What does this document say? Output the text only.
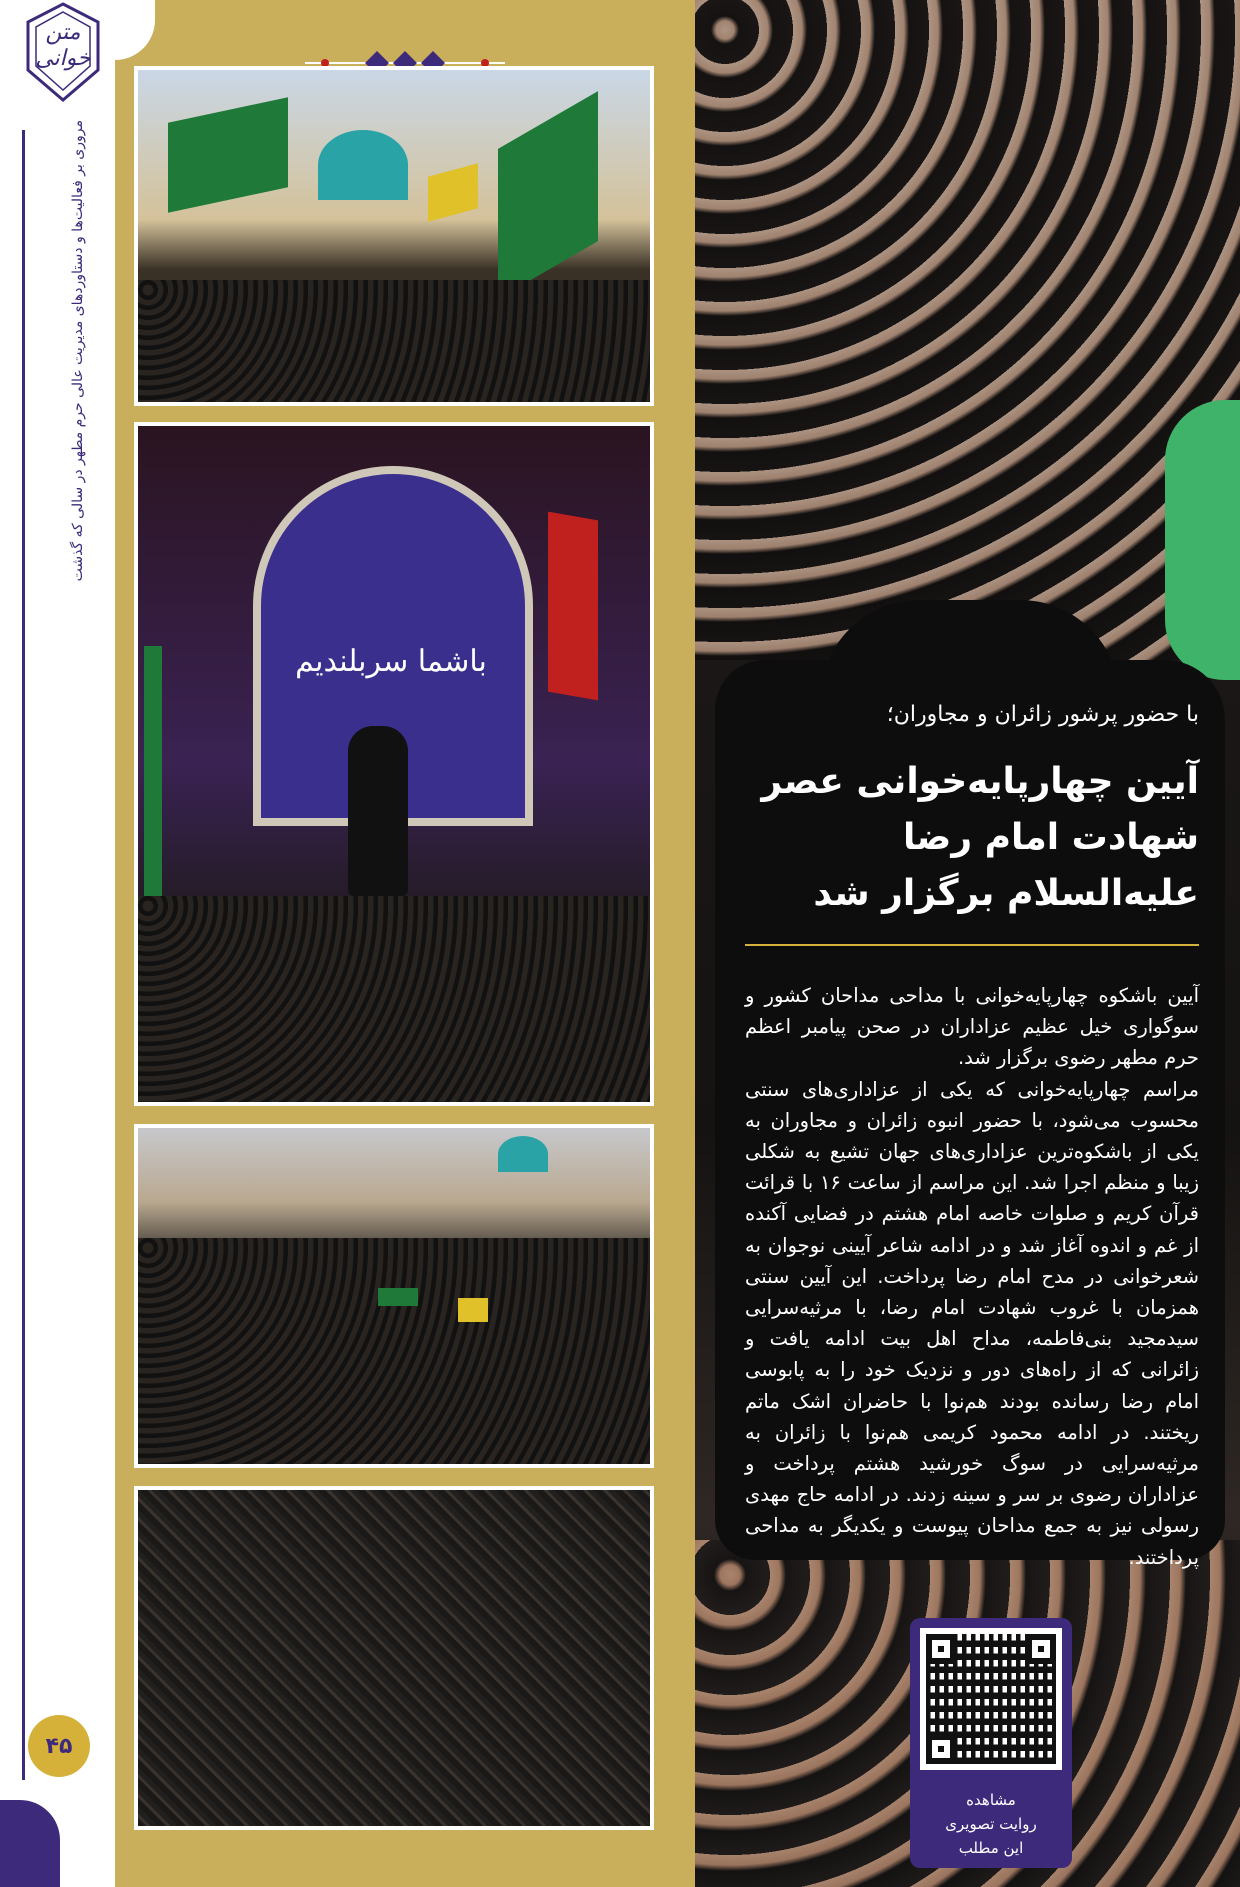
متن خوانی
مروری بر فعالیت‌ها و دستاوردهای مدیریت عالی حرم مطهر در سالی که گذشت
۴۵
باشما سربلندیم
با حضور پرشور زائران و مجاوران؛
آیین چهارپایه‌خوانی عصر شهادت امام رضا علیه‌السلام برگزار شد

آیین باشکوه چهارپایه‌خوانی با مداحی مداحان کشور و سوگواری خیل عظیم عزاداران در صحن پیامبر اعظم حرم مطهر رضوی برگزار شد.

مراسم چهارپایه‌خوانی که یکی از عزاداری‌های سنتی محسوب می‌شود، با حضور انبوه زائران و مجاوران به یکی از باشکوه‌ترین عزاداری‌های جهان تشیع به شکلی زیبا و منظم اجرا شد. این مراسم از ساعت ۱۶ با قرائت قرآن کریم و صلوات خاصه امام هشتم در فضایی آکنده از غم و اندوه آغاز شد و در ادامه شاعر آیینی نوجوان به شعرخوانی در مدح امام رضا پرداخت. این آیین سنتی همزمان با غروب شهادت امام رضا، با مرثیه‌سرایی سیدمجید بنی‌فاطمه، مداح اهل بیت ادامه یافت و زائرانی که از راه‌های دور و نزدیک خود را به پابوسی امام رضا رسانده بودند هم‌نوا با حاضران اشک ماتم ریختند. در ادامه محمود کریمی هم‌نوا با زائران به مرثیه‌سرایی در سوگ خورشید هشتم پرداخت و عزاداران رضوی بر سر و سینه زدند. در ادامه حاج مهدی رسولی نیز به جمع مداحان پیوست و یکدیگر به مداحی پرداختند.

مشاهده
روایت تصویری
این مطلب
